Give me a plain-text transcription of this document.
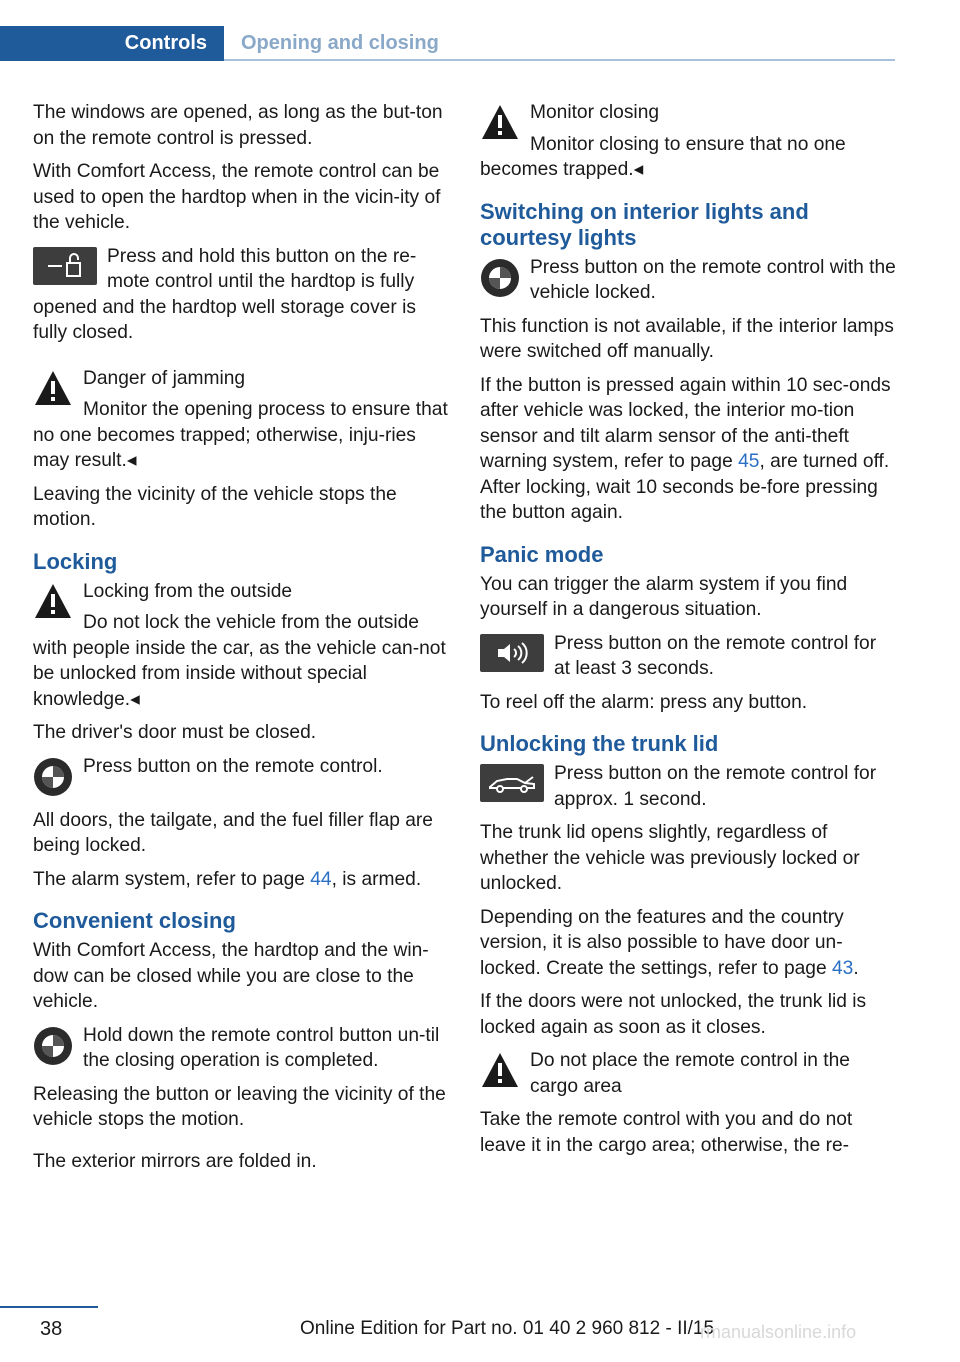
Controls	Opening and closing

The windows are opened, as long as the but-ton on the remote control is pressed.

With Comfort Access, the remote control can be used to open the hardtop when in the vicin-ity of the vehicle.

Press and hold this button on the re-mote control until the hardtop is fully opened and the hardtop well storage cover is fully closed.

Danger of jamming

Monitor the opening process to ensure that no one becomes trapped; otherwise, inju-ries may result.◂

Leaving the vicinity of the vehicle stops the motion.

Locking

Locking from the outside

Do not lock the vehicle from the outside with people inside the car, as the vehicle can-not be unlocked from inside without special knowledge.◂

The driver's door must be closed.

Press button on the remote control.

All doors, the tailgate, and the fuel filler flap are being locked.

The alarm system, refer to page 44, is armed.

Convenient closing

With Comfort Access, the hardtop and the win-dow can be closed while you are close to the vehicle.

Hold down the remote control button un-til the closing operation is completed.

Releasing the button or leaving the vicinity of the vehicle stops the motion.

The exterior mirrors are folded in.

Monitor closing

Monitor closing to ensure that no one becomes trapped.◂

Switching on interior lights and courtesy lights

Press button on the remote control with the vehicle locked.

This function is not available, if the interior lamps were switched off manually.

If the button is pressed again within 10 sec-onds after vehicle was locked, the interior mo-tion sensor and tilt alarm sensor of the anti-theft warning system, refer to page 45, are turned off. After locking, wait 10 seconds be-fore pressing the button again.

Panic mode

You can trigger the alarm system if you find yourself in a dangerous situation.

Press button on the remote control for at least 3 seconds.

To reel off the alarm: press any button.

Unlocking the trunk lid

Press button on the remote control for approx. 1 second.

The trunk lid opens slightly, regardless of whether the vehicle was previously locked or unlocked.

Depending on the features and the country version, it is also possible to have door un-locked. Create the settings, refer to page 43.

If the doors were not unlocked, the trunk lid is locked again as soon as it closes.

Do not place the remote control in the cargo area

Take the remote control with you and do not leave it in the cargo area; otherwise, the re-

38	Online Edition for Part no. 01 40 2 960 812 - II/15
rmanualsonline.info
